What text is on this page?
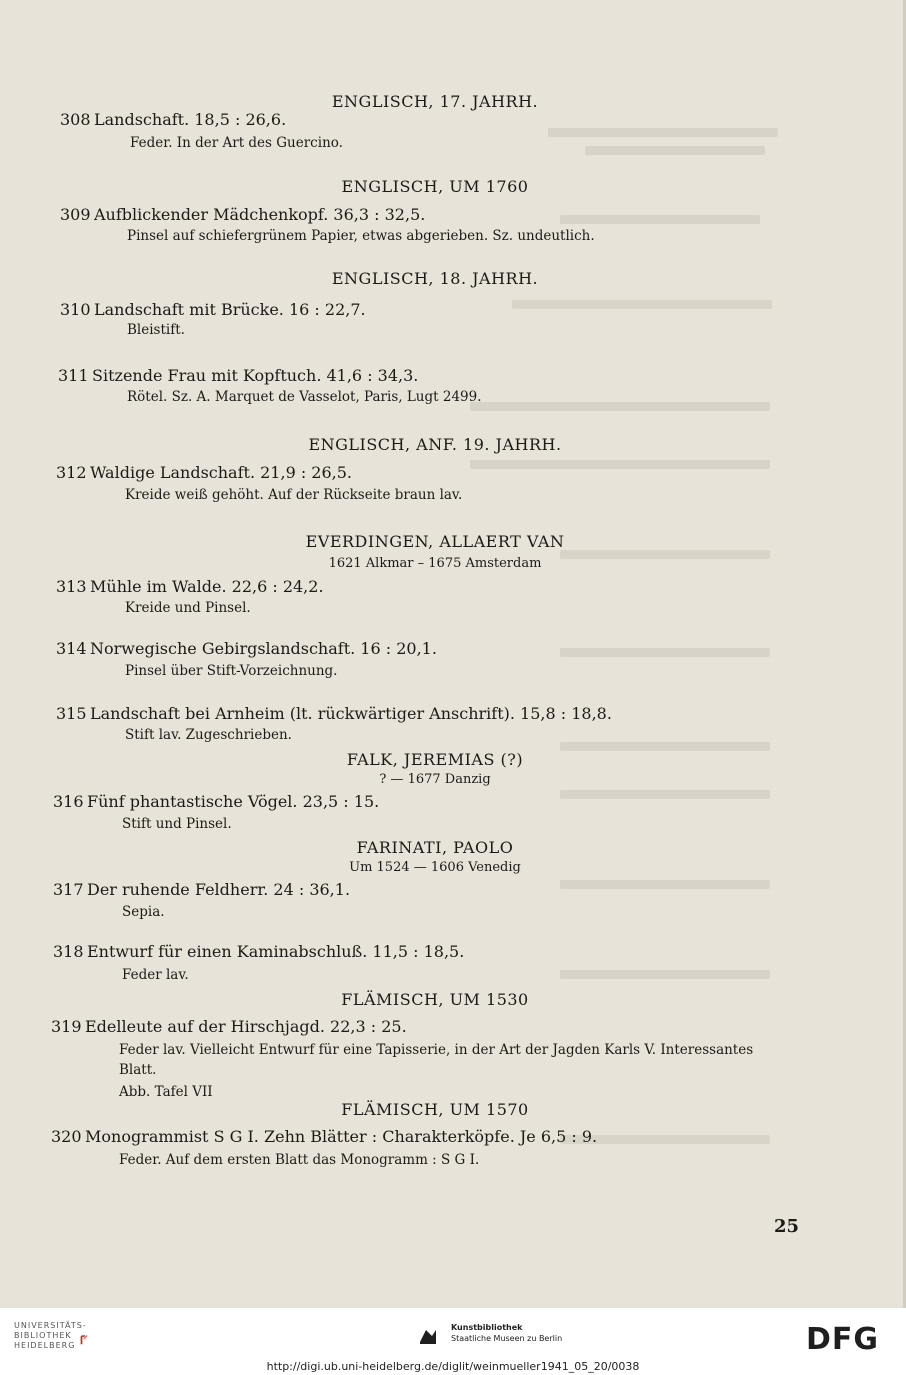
ENGLISCH, 17. JAHRH.
308 Landschaft. 18,5 : 26,6.
Feder. In der Art des Guercino.
ENGLISCH, UM 1760
309 Aufblickender Mädchenkopf. 36,3 : 32,5.
Pinsel auf schiefergrünem Papier, etwas abgerieben. Sz. undeutlich.
ENGLISCH, 18. JAHRH.
310 Landschaft mit Brücke. 16 : 22,7.
Bleistift.
311 Sitzende Frau mit Kopftuch. 41,6 : 34,3.
Rötel. Sz. A. Marquet de Vasselot, Paris, Lugt 2499.
ENGLISCH, ANF. 19. JAHRH.
312 Waldige Landschaft. 21,9 : 26,5.
Kreide weiß gehöht. Auf der Rückseite braun lav.
EVERDINGEN, ALLAERT VAN
1621 Alkmar – 1675 Amsterdam
313 Mühle im Walde. 22,6 : 24,2.
Kreide und Pinsel.
314 Norwegische Gebirgslandschaft. 16 : 20,1.
Pinsel über Stift-Vorzeichnung.
315 Landschaft bei Arnheim (lt. rückwärtiger Anschrift). 15,8 : 18,8.
Stift lav. Zugeschrieben.
FALK, JEREMIAS (?)
? — 1677 Danzig
316 Fünf phantastische Vögel. 23,5 : 15.
Stift und Pinsel.
FARINATI, PAOLO
Um 1524 — 1606 Venedig
317 Der ruhende Feldherr. 24 : 36,1.
Sepia.
318 Entwurf für einen Kaminabschluß. 11,5 : 18,5.
Feder lav.
FLÄMISCH, UM 1530
319 Edelleute auf der Hirschjagd. 22,3 : 25.
Feder lav. Vielleicht Entwurf für eine Tapisserie, in der Art der Jagden Karls V. Interessantes Blatt.
Abb. Tafel VII
FLÄMISCH, UM 1570
320 Monogrammist S G I. Zehn Blätter : Charakterköpfe. Je 6,5 : 9.
Feder. Auf dem ersten Blatt das Monogramm : S G I.
25
UNIVERSITÄTS-
BIBLIOTHEK
HEIDELBERG
Kunstbibliothek
Staatliche Museen zu Berlin	DFG
http://digi.ub.uni-heidelberg.de/diglit/weinmueller1941_05_20/0038
